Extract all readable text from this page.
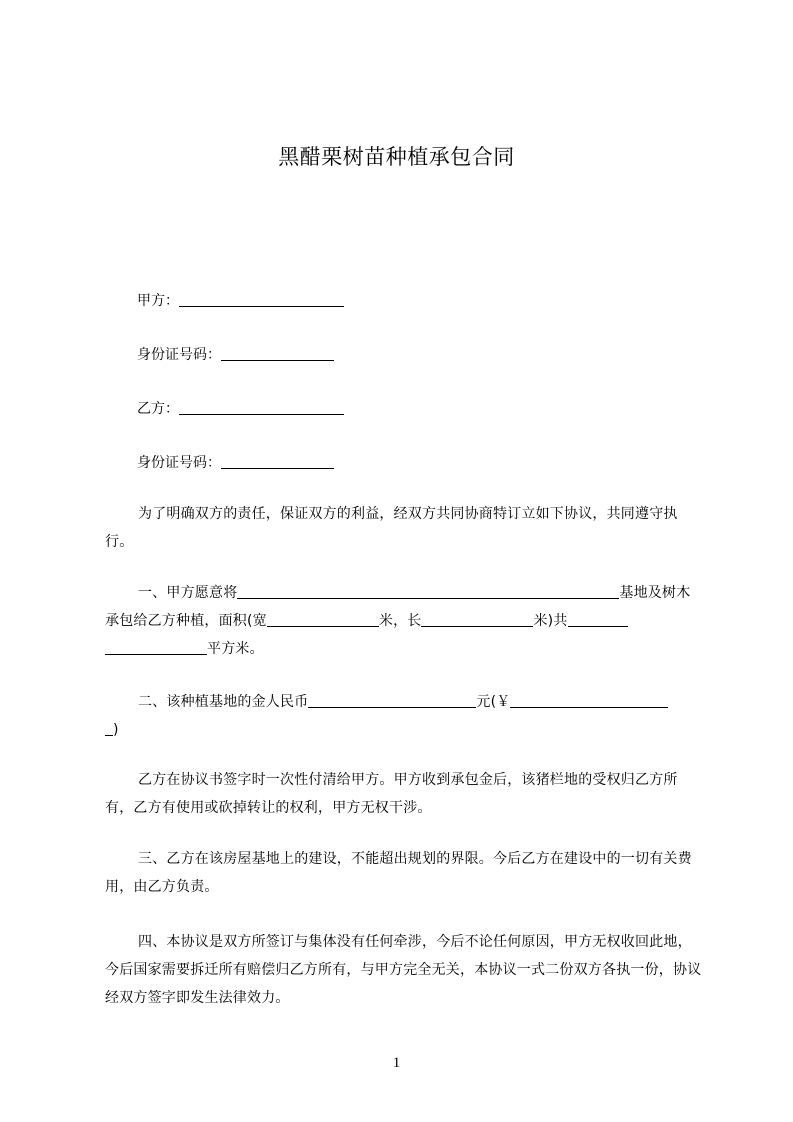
黑醋栗树苗种植承包合同
甲方：
身份证号码：
乙方：
身份证号码：
为了明确双方的责任，保证双方的利益，经双方共同协商特订立如下协议，共同遵守执行。
一、甲方愿意将	基地及树木承包给乙方种植，面积(宽	米，长	米)共
平方米。
二、该种植基地的金人民币	元(￥
)
乙方在协议书签字时一次性付清给甲方。甲方收到承包金后，该猪栏地的受权归乙方所有，乙方有使用或砍掉转让的权利，甲方无权干涉。
三、乙方在该房屋基地上的建设，不能超出规划的界限。今后乙方在建设中的一切有关费用，由乙方负责。
四、本协议是双方所签订与集体没有任何牵涉，今后不论任何原因，甲方无权收回此地，今后国家需要拆迁所有赔偿归乙方所有，与甲方完全无关，本协议一式二份双方各执一份，协议经双方签字即发生法律效力。
1
